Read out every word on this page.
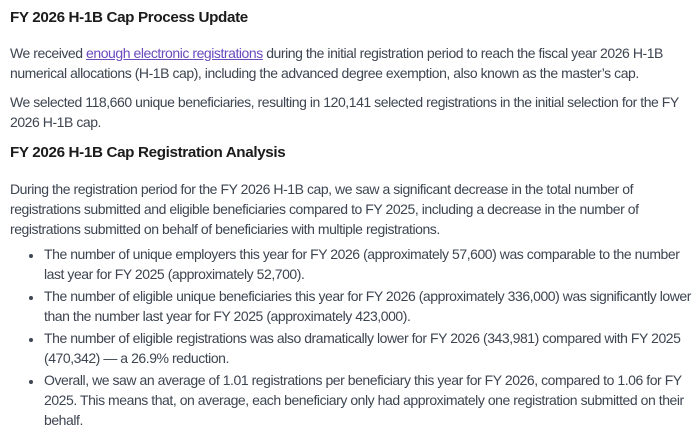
FY 2026 H-1B Cap Process Update

We received enough electronic registrations during the initial registration period to reach the fiscal year 2026 H-1B numerical allocations (H-1B cap), including the advanced degree exemption, also known as the master’s cap.

We selected 118,660 unique beneficiaries, resulting in 120,141 selected registrations in the initial selection for the FY 2026 H-1B cap.

FY 2026 H-1B Cap Registration Analysis

During the registration period for the FY 2026 H-1B cap, we saw a significant decrease in the total number of registrations submitted and eligible beneficiaries compared to FY 2025, including a decrease in the number of registrations submitted on behalf of beneficiaries with multiple registrations.

• The number of unique employers this year for FY 2026 (approximately 57,600) was comparable to the number last year for FY 2025 (approximately 52,700).
• The number of eligible unique beneficiaries this year for FY 2026 (approximately 336,000) was significantly lower than the number last year for FY 2025 (approximately 423,000).
• The number of eligible registrations was also dramatically lower for FY 2026 (343,981) compared with FY 2025 (470,342) — a 26.9% reduction.
• Overall, we saw an average of 1.01 registrations per beneficiary this year for FY 2026, compared to 1.06 for FY 2025. This means that, on average, each beneficiary only had approximately one registration submitted on their behalf.
